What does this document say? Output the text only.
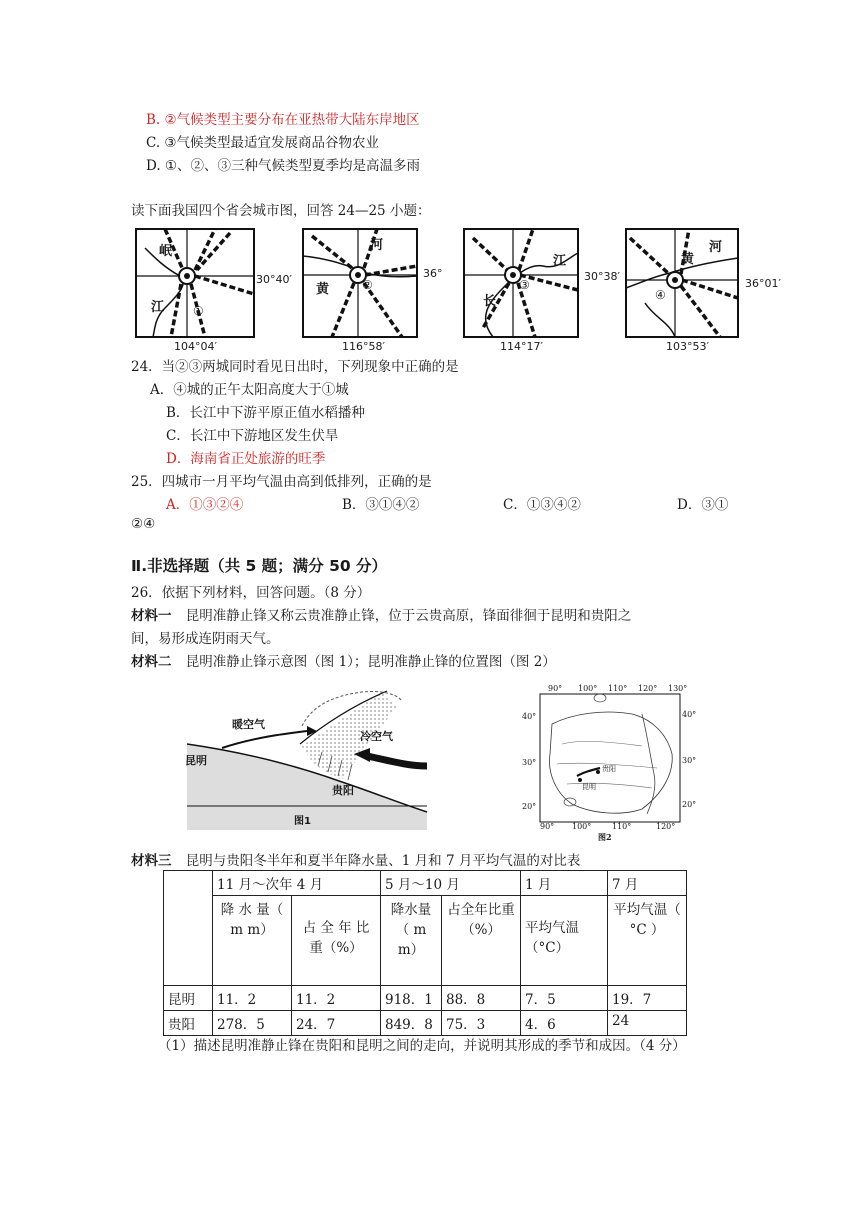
B. ②气候类型主要分布在亚热带大陆东岸地区
C. ③气候类型最适宜发展商品谷物农业
D. ①、②、③三种气候类型夏季均是高温多雨
读下面我国四个省会城市图，回答 24—25 小题：
岷
江 ①
30°40′
104°04′
河
黄	②
36°
116°58′
江
长
③
30°38′
114°17′
黄
河
④
36°01′
103°53′
24．当②③两城同时看见日出时，下列现象中正确的是
A．④城的正午太阳高度大于①城
B．长江中下游平原正值水稻播种
C．长江中下游地区发生伏旱
D．海南省正处旅游的旺季
25．四城市一月平均气温由高到低排列，正确的是
A．①③②④	B．③①④②	C．①③④②	D．③①
②④
Ⅱ.非选择题（共 5 题；满分 50 分）
26．依据下列材料，回答问题。（8 分）
材料一 昆明准静止锋又称云贵准静止锋，位于云贵高原，锋面徘徊于昆明和贵阳之
间，易形成连阴雨天气。
材料二 昆明准静止锋示意图（图 1）；昆明准静止锋的位置图（图 2）
暖空气
冷空气
昆明
贵阳
图1
90° 100° 110° 120° 130°
90° 100°	110°	120°
40°
30°
20°
40°
30°
20°
贵阳
昆明
图2
材料三 昆明与贵阳冬半年和夏半年降水量、1 月和 7 月平均气温的对比表
	11 月～次年 4 月		5 月～10 月		1 月	7 月
	降 水 量（ m m）	占 全 年 比 重（%）	降水量（ m m）	占全年比重（%）	平均气温（°C）	平均气温（ °C ）
昆明	11．2	11．2	918．1	88．8	7．5	19．7
贵阳	278．5	24．7	849．8	75．3	4．6	24
（1）描述昆明准静止锋在贵阳和昆明之间的走向，并说明其形成的季节和成因。（4 分）
